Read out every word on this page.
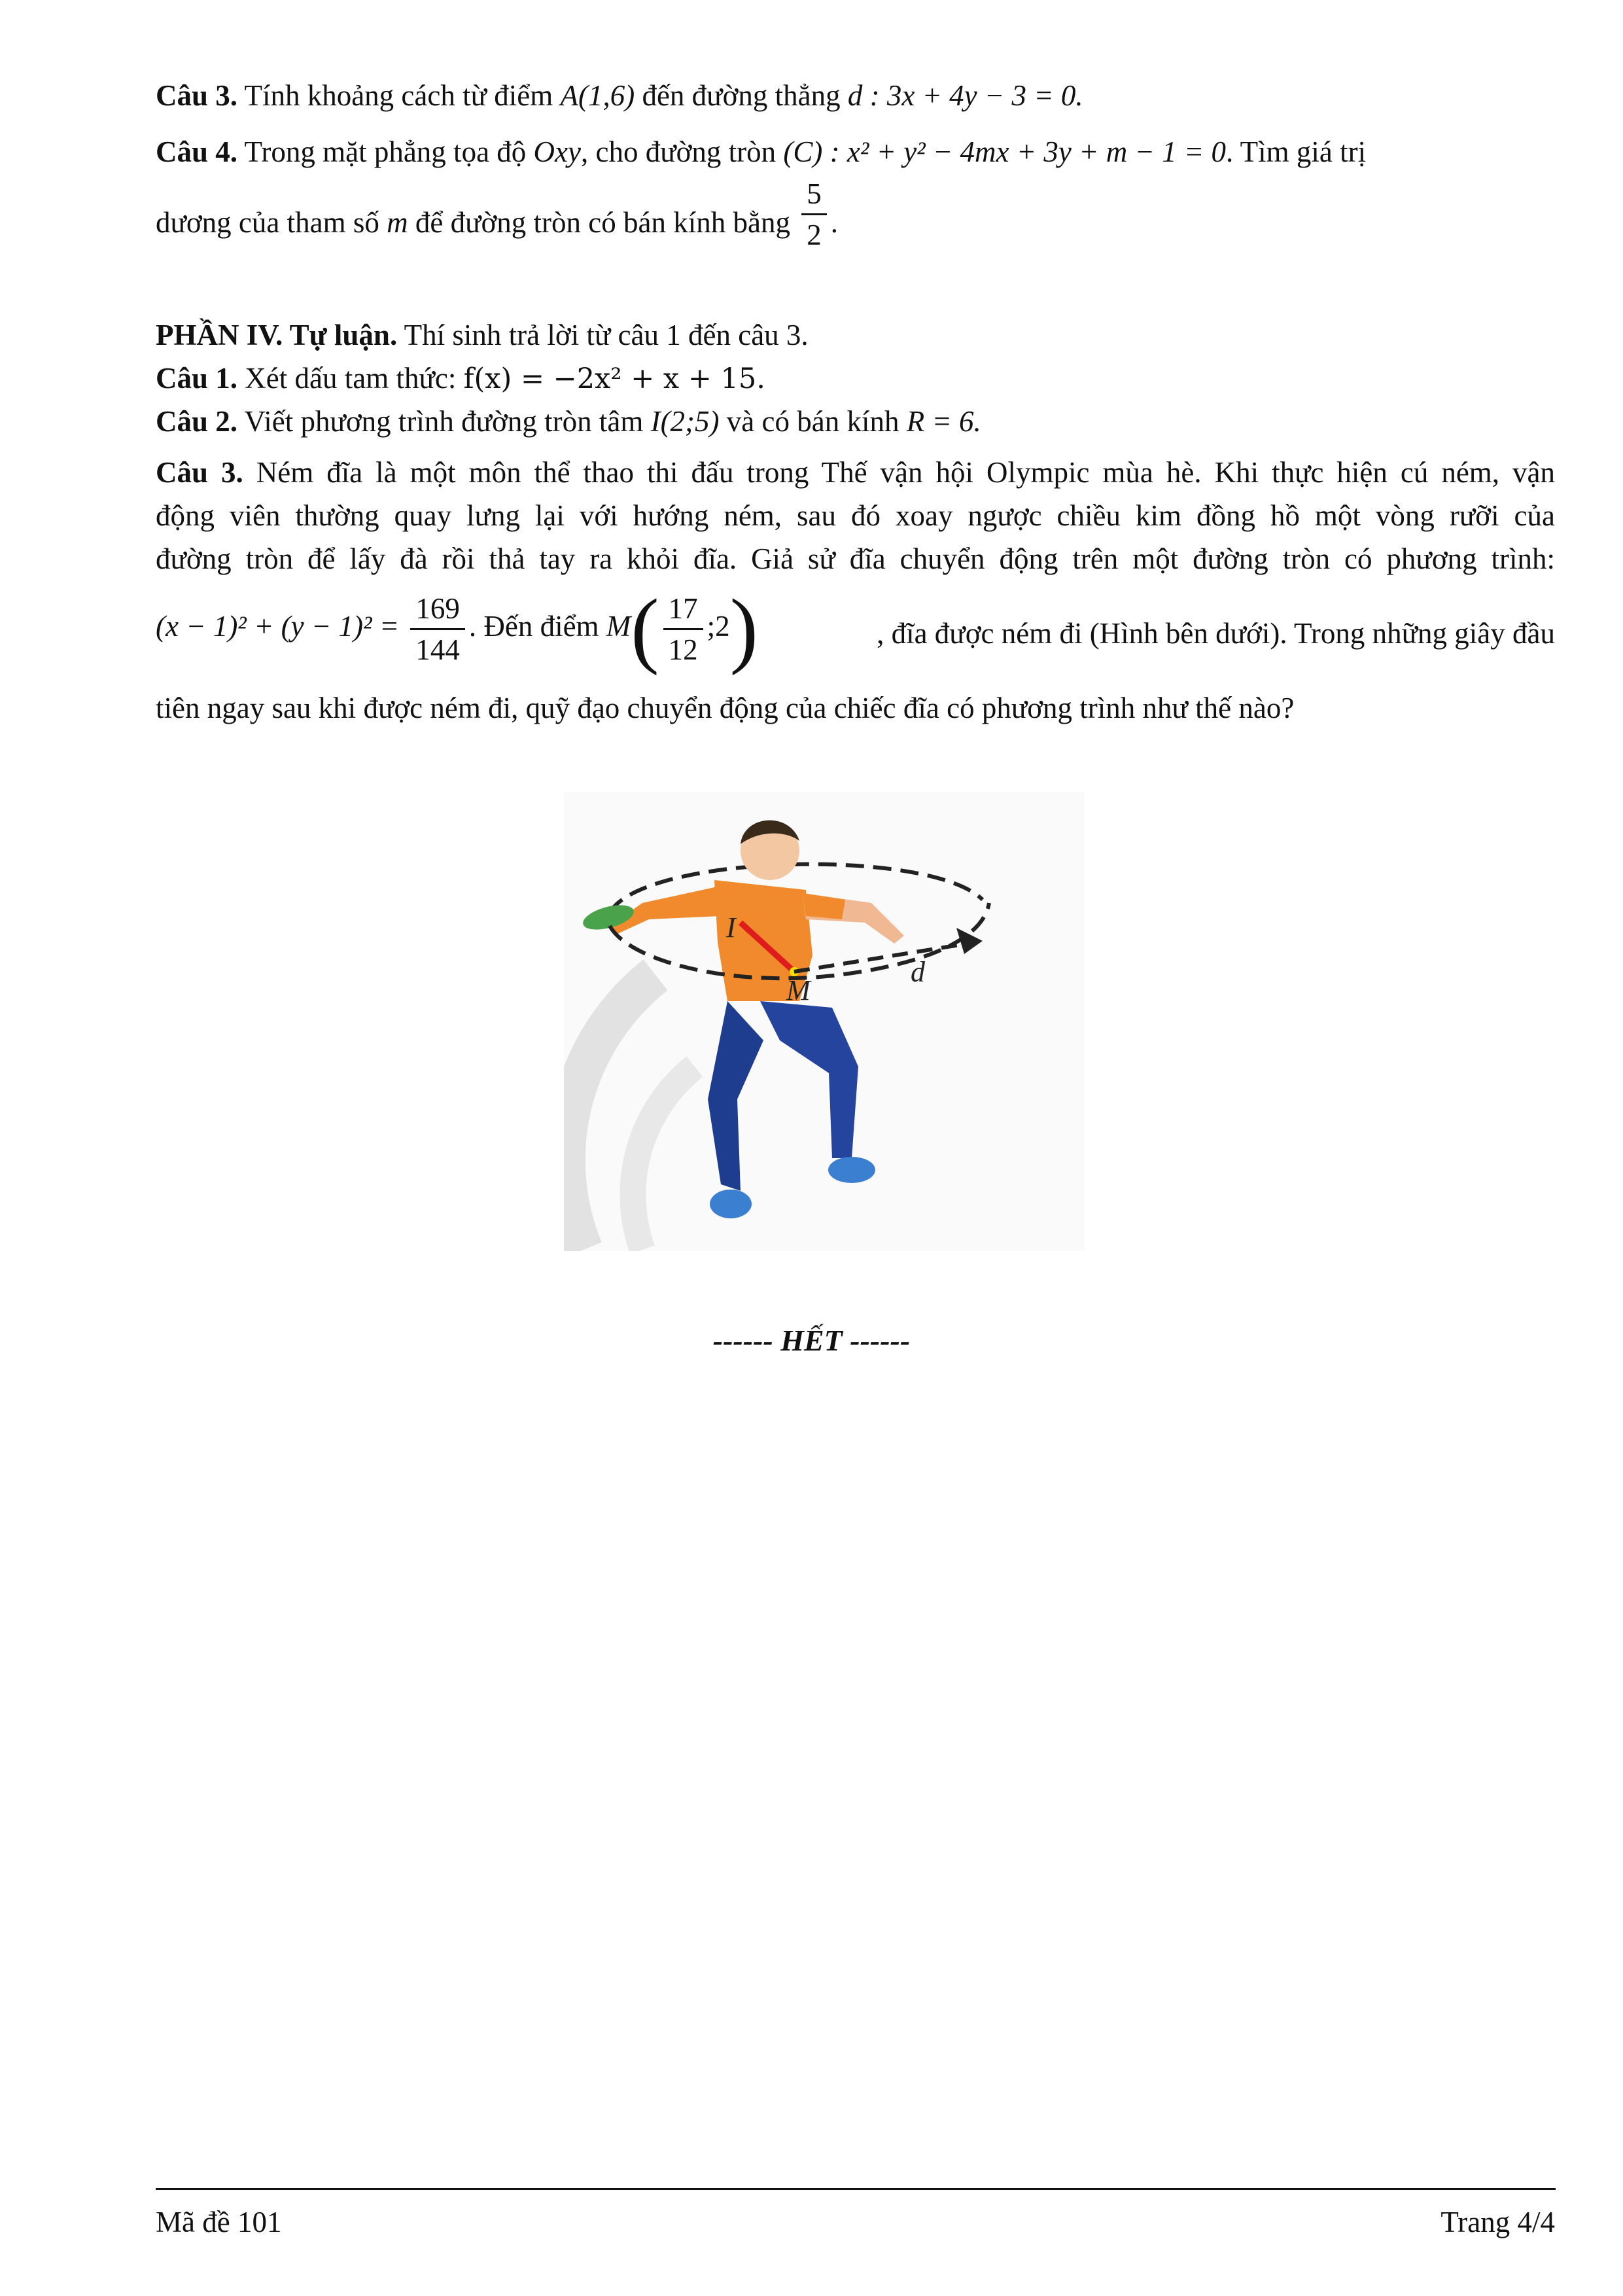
Câu 3. Tính khoảng cách từ điểm A(1,6) đến đường thẳng d : 3x + 4y − 3 = 0.
Câu 4. Trong mặt phẳng tọa độ Oxy, cho đường tròn (C) : x² + y² − 4mx + 3y + m − 1 = 0. Tìm giá trị
dương của tham số m để đường tròn có bán kính bằng $\frac{5}{2}$ .
PHẦN IV. Tự luận. Thí sinh trả lời từ câu 1 đến câu 3.
Câu 1. Xét dấu tam thức: f(x) = −2x² + x + 15.
Câu 2. Viết phương trình đường tròn tâm I(2;5) và có bán kính R = 6.
Câu 3. Ném đĩa là một môn thể thao thi đấu trong Thế vận hội Olympic mùa hè. Khi thực hiện cú ném, vận
động viên thường quay lưng lại với hướng ném, sau đó xoay ngược chiều kim đồng hồ một vòng rưỡi của
đường tròn để lấy đà rồi thả tay ra khỏi đĩa. Giả sử đĩa chuyển động trên một đường tròn có phương trình:
$(x - 1)^2 + (y - 1)^2 = \frac{169}{144}$ . Đến điểm $M( \frac{17}{12}$ ;2)	, đĩa được ném đi (Hình bên dưới). Trong những giây đầu
tiên ngay sau khi được ném đi, quỹ đạo chuyển động của chiếc đĩa có phương trình như thế nào?
I
M
d
------ HẾT ------
Mã đề 101	Trang 4/4
